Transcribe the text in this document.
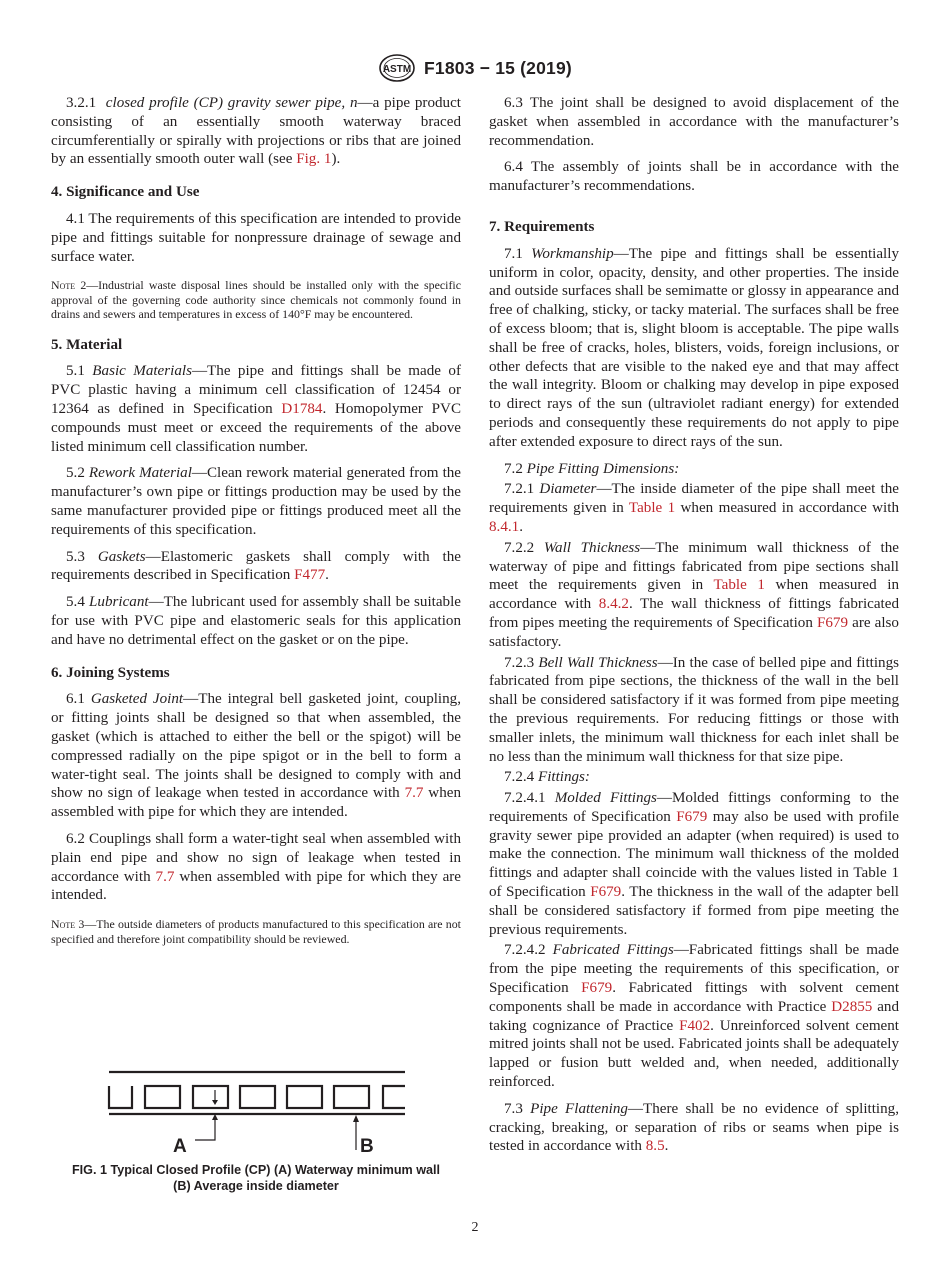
ASTM F1803 − 15 (2019)

3.2.1 closed profile (CP) gravity sewer pipe, n—a pipe product consisting of an essentially smooth waterway braced circumferentially or spirally with projections or ribs that are joined by an essentially smooth outer wall (see Fig. 1).

4. Significance and Use

4.1 The requirements of this specification are intended to provide pipe and fittings suitable for nonpressure drainage of sewage and surface water.

Note 2—Industrial waste disposal lines should be installed only with the specific approval of the governing code authority since chemicals not commonly found in drains and sewers and temperatures in excess of 140°F may be encountered.
5. Material

5.1 Basic Materials—The pipe and fittings shall be made of PVC plastic having a minimum cell classification of 12454 or 12364 as defined in Specification D1784. Homopolymer PVC compounds must meet or exceed the requirements of the above listed minimum cell classification number.

5.2 Rework Material—Clean rework material generated from the manufacturer’s own pipe or fittings production may be used by the same manufacturer provided pipe or fittings produced meet all the requirements of this specification.

5.3 Gaskets—Elastomeric gaskets shall comply with the requirements described in Specification F477.

5.4 Lubricant—The lubricant used for assembly shall be suitable for use with PVC pipe and elastomeric seals for this application and have no detrimental effect on the gasket or on the pipe.

6. Joining Systems

6.1 Gasketed Joint—The integral bell gasketed joint, coupling, or fitting joints shall be designed so that when assembled, the gasket (which is attached to either the bell or the spigot) will be compressed radially on the pipe spigot or in the bell to form a water-tight seal. The joints shall be designed to comply with and show no sign of leakage when tested in accordance with 7.7 when assembled with pipe for which they are intended.

6.2 Couplings shall form a water-tight seal when assembled with plain end pipe and show no sign of leakage when tested in accordance with 7.7 when assembled with pipe for which they are intended.

Note 3—The outside diameters of products manufactured to this specification are not specified and therefore joint compatibility should be reviewed.
A	B
FIG. 1 Typical Closed Profile (CP) (A) Waterway minimum wall
(B) Average inside diameter

6.3 The joint shall be designed to avoid displacement of the gasket when assembled in accordance with the manufacturer’s recommendation.

6.4 The assembly of joints shall be in accordance with the manufacturer’s recommendations.

7. Requirements

7.1 Workmanship—The pipe and fittings shall be essentially uniform in color, opacity, density, and other properties. The inside and outside surfaces shall be semimatte or glossy in appearance and free of chalking, sticky, or tacky material. The surfaces shall be free of excess bloom; that is, slight bloom is acceptable. The pipe walls shall be free of cracks, holes, blisters, voids, foreign inclusions, or other defects that are visible to the naked eye and that may affect the wall integrity. Bloom or chalking may develop in pipe exposed to direct rays of the sun (ultraviolet radiant energy) for extended periods and consequently these requirements do not apply to pipe after extended exposure to direct rays of the sun.

7.2 Pipe Fitting Dimensions:

7.2.1 Diameter—The inside diameter of the pipe shall meet the requirements given in Table 1 when measured in accordance with 8.4.1.

7.2.2 Wall Thickness—The minimum wall thickness of the waterway of pipe and fittings fabricated from pipe sections shall meet the requirements given in Table 1 when measured in accordance with 8.4.2. The wall thickness of fittings fabricated from pipes meeting the requirements of Specification F679 are also satisfactory.

7.2.3 Bell Wall Thickness—In the case of belled pipe and fittings fabricated from pipe sections, the thickness of the wall in the bell shall be considered satisfactory if it was formed from pipe meeting the previous requirements. For reducing fittings or those with smaller inlets, the minimum wall thickness for each inlet shall be no less than the minimum wall thickness for that size pipe.

7.2.4 Fittings:

7.2.4.1 Molded Fittings—Molded fittings conforming to the requirements of Specification F679 may also be used with profile gravity sewer pipe provided an adapter (when required) is used to make the connection. The minimum wall thickness of the molded fittings and adapter shall coincide with the values listed in Table 1 of Specification F679. The thickness in the wall of the adapter bell shall be considered satisfactory if formed from pipe meeting the previous requirements.

7.2.4.2 Fabricated Fittings—Fabricated fittings shall be made from the pipe meeting the requirements of this specification, or Specification F679. Fabricated fittings with solvent cement components shall be made in accordance with Practice D2855 and taking cognizance of Practice F402. Unreinforced solvent cement mitred joints shall not be used. Fabricated joints shall be adequately lapped or fusion butt welded and, when needed, additionally reinforced.

7.3 Pipe Flattening—There shall be no evidence of splitting, cracking, breaking, or separation of ribs or seams when pipe is tested in accordance with 8.5.

2
